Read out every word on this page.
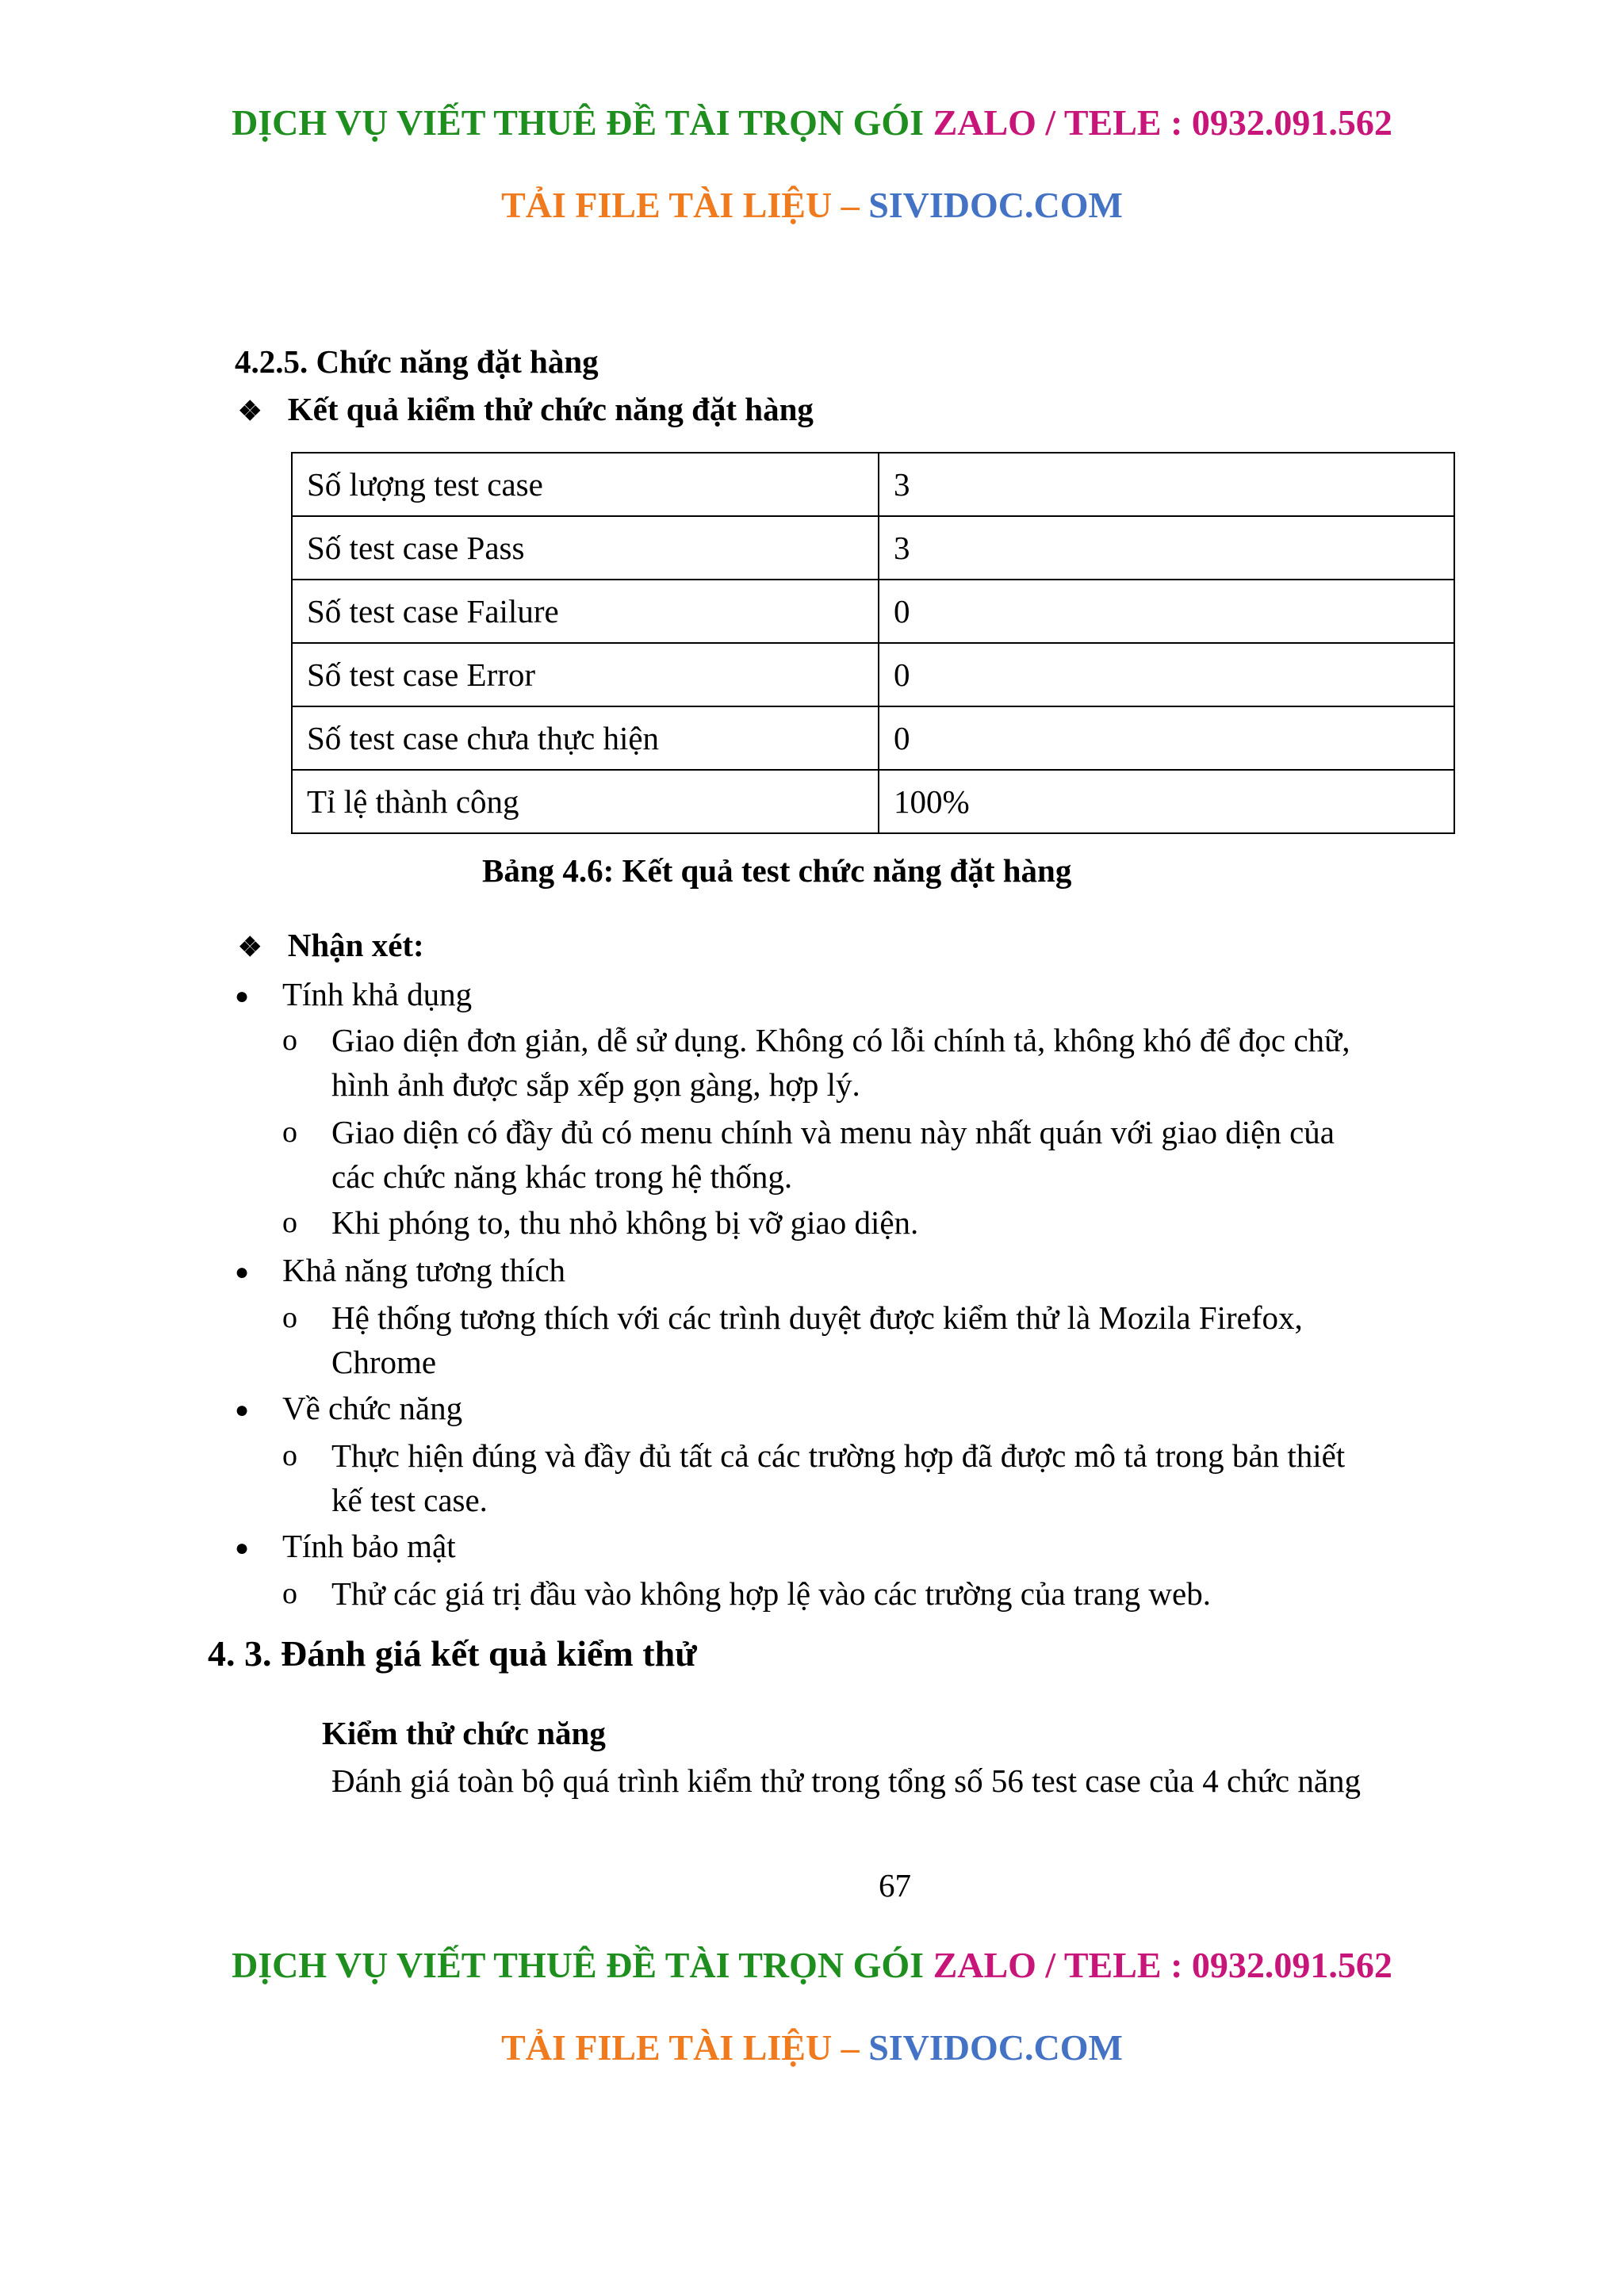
DỊCH VỤ VIẾT THUÊ ĐỀ TÀI TRỌN GÓI ZALO / TELE : 0932.091.562
TẢI FILE TÀI LIỆU – SIVIDOC.COM
4.2.5. Chức năng đặt hàng
❖ Kết quả kiểm thử chức năng đặt hàng
Số lượng test case	3
Số test case Pass	3
Số test case Failure	0
Số test case Error	0
Số test case chưa thực hiện	0
Tỉ lệ thành công	100%
Bảng 4.6: Kết quả test chức năng đặt hàng
❖ Nhận xét:
● Tính khả dụng
o Giao diện đơn giản, dễ sử dụng. Không có lỗi chính tả, không khó để đọc chữ,
hình ảnh được sắp xếp gọn gàng, hợp lý.
o Giao diện có đầy đủ có menu chính và menu này nhất quán với giao diện của
các chức năng khác trong hệ thống.
o Khi phóng to, thu nhỏ không bị vỡ giao diện.
● Khả năng tương thích
o Hệ thống tương thích với các trình duyệt được kiểm thử là Mozila Firefox,
Chrome
● Về chức năng
o Thực hiện đúng và đầy đủ tất cả các trường hợp đã được mô tả trong bản thiết
kế test case.
● Tính bảo mật
o Thử các giá trị đầu vào không hợp lệ vào các trường của trang web.
4. 3. Đánh giá kết quả kiểm thử
Kiểm thử chức năng
Đánh giá toàn bộ quá trình kiểm thử trong tổng số 56 test case của 4 chức năng
67
DỊCH VỤ VIẾT THUÊ ĐỀ TÀI TRỌN GÓI ZALO / TELE : 0932.091.562
TẢI FILE TÀI LIỆU – SIVIDOC.COM
